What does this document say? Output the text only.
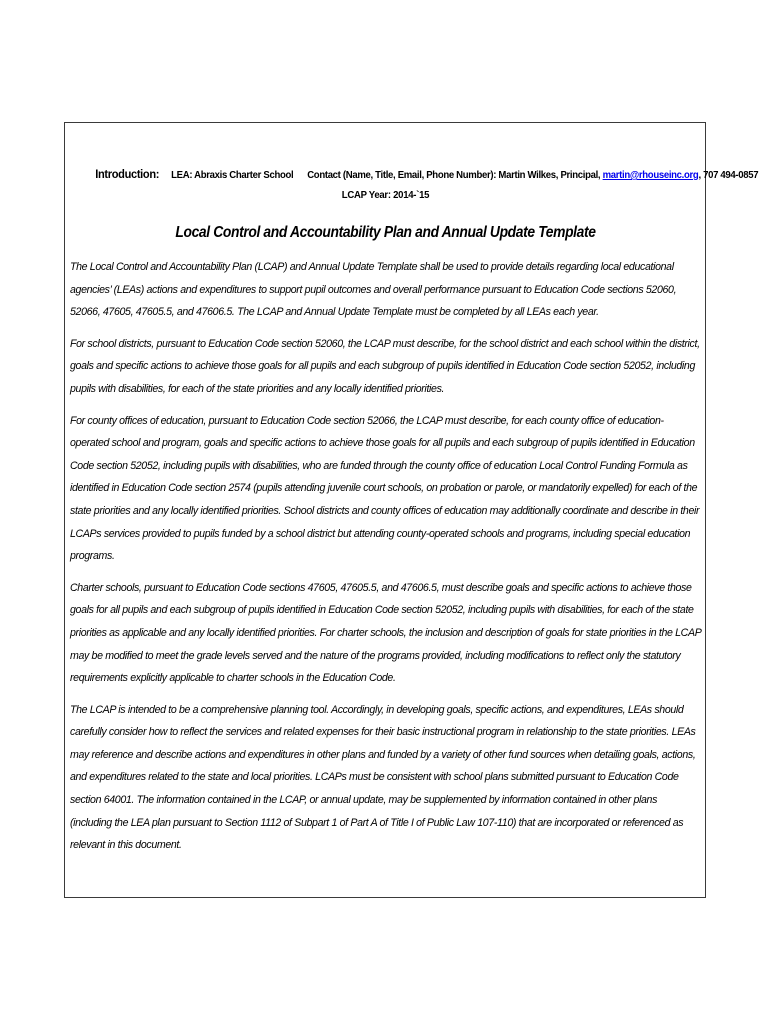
Introduction: LEA: Abraxis Charter School Contact (Name, Title, Email, Phone Number): Martin Wilkes, Principal, martin@rhouseinc.org, 707 494-0857
LCAP Year: 2014-`15
Local Control and Accountability Plan and Annual Update Template

The Local Control and Accountability Plan (LCAP) and Annual Update Template shall be used to provide details regarding local educational agencies’ (LEAs) actions and expenditures to support pupil outcomes and overall performance pursuant to Education Code sections 52060, 52066, 47605, 47605.5, and 47606.5. The LCAP and Annual Update Template must be completed by all LEAs each year.

For school districts, pursuant to Education Code section 52060, the LCAP must describe, for the school district and each school within the district, goals and specific actions to achieve those goals for all pupils and each subgroup of pupils identified in Education Code section 52052, including pupils with disabilities, for each of the state priorities and any locally identified priorities.

For county offices of education, pursuant to Education Code section 52066, the LCAP must describe, for each county office of education-operated school and program, goals and specific actions to achieve those goals for all pupils and each subgroup of pupils identified in Education Code section 52052, including pupils with disabilities, who are funded through the county office of education Local Control Funding Formula as identified in Education Code section 2574 (pupils attending juvenile court schools, on probation or parole, or mandatorily expelled) for each of the state priorities and any locally identified priorities. School districts and county offices of education may additionally coordinate and describe in their LCAPs services provided to pupils funded by a school district but attending county-operated schools and programs, including special education programs.

Charter schools, pursuant to Education Code sections 47605, 47605.5, and 47606.5, must describe goals and specific actions to achieve those goals for all pupils and each subgroup of pupils identified in Education Code section 52052, including pupils with disabilities, for each of the state priorities as applicable and any locally identified priorities. For charter schools, the inclusion and description of goals for state priorities in the LCAP may be modified to meet the grade levels served and the nature of the programs provided, including modifications to reflect only the statutory requirements explicitly applicable to charter schools in the Education Code.

The LCAP is intended to be a comprehensive planning tool. Accordingly, in developing goals, specific actions, and expenditures, LEAs should carefully consider how to reflect the services and related expenses for their basic instructional program in relationship to the state priorities. LEAs may reference and describe actions and expenditures in other plans and funded by a variety of other fund sources when detailing goals, actions, and expenditures related to the state and local priorities. LCAPs must be consistent with school plans submitted pursuant to Education Code section 64001. The information contained in the LCAP, or annual update, may be supplemented by information contained in other plans (including the LEA plan pursuant to Section 1112 of Subpart 1 of Part A of Title I of Public Law 107-110) that are incorporated or referenced as relevant in this document.
